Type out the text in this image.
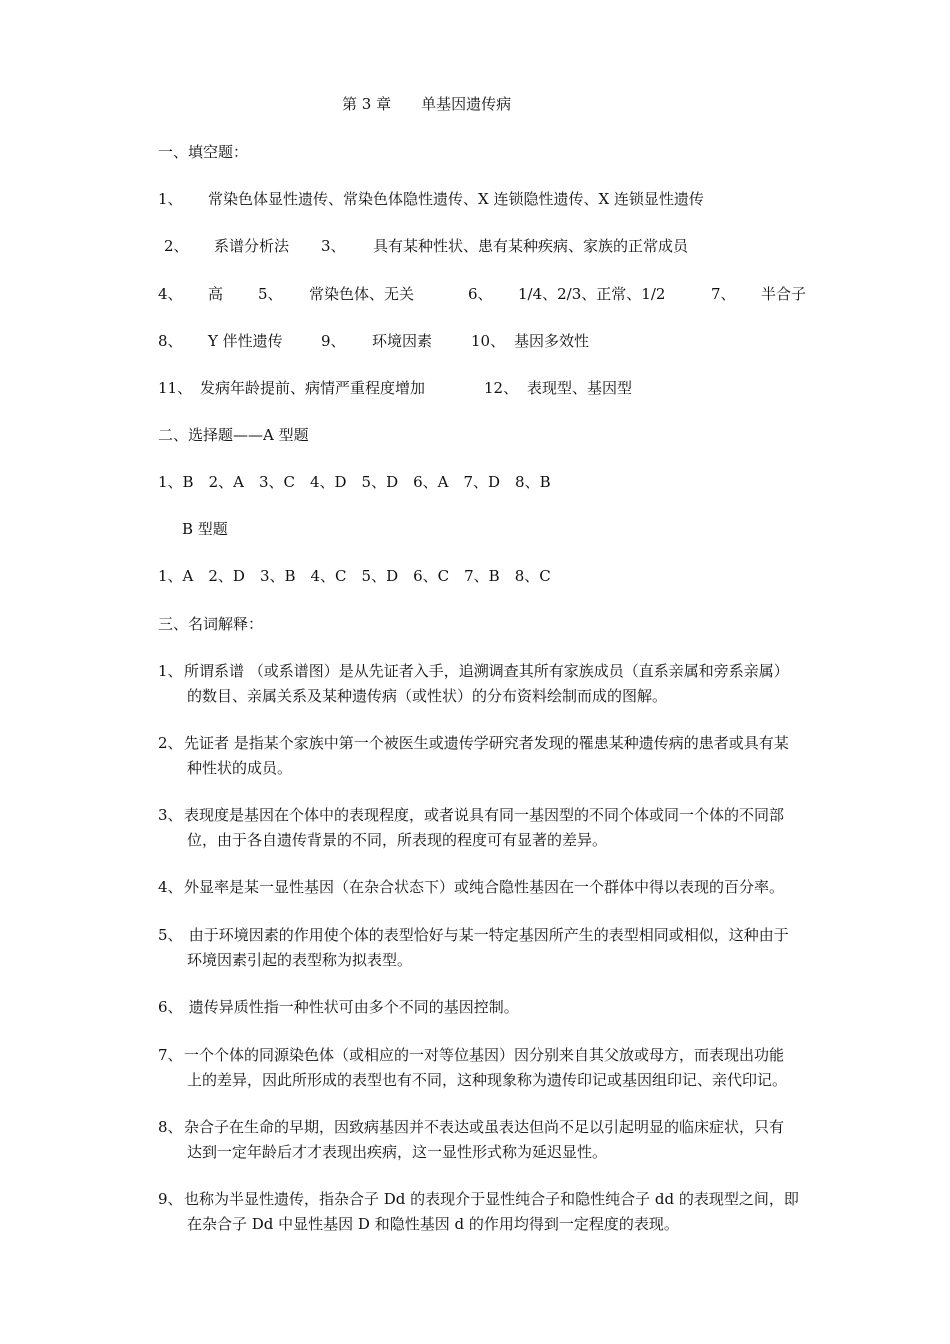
第 3 章 单基因遗传病
一、填空题：
1、 常染色体显性遗传、常染色体隐性遗传、X 连锁隐性遗传、X 连锁显性遗传
2、 系谱分析法 3、 具有某种性状、患有某种疾病、家族的正常成员
4、 高 5、 常染色体、无关	6、 1/4、2/3、正常、1/2	7、 半合子
8、 Y 伴性遗传	9、 环境因素	10、 基因多效性
11、 发病年龄提前、病情严重程度增加	12、 表现型、基因型
二、选择题——A 型题
1、B　2、A　3、C　4、D　5、D　6、A　7、D　8、B
B 型题
1、A　2、D　3、B　4、C　5、D　6、C　7、B　8、C
三、名词解释：
1、 所谓系谱 （或系谱图）是从先证者入手，追溯调查其所有家族成员（直系亲属和旁系亲属）
的数目、亲属关系及某种遗传病（或性状）的分布资料绘制而成的图解。
2、 先证者 是指某个家族中第一个被医生或遗传学研究者发现的罹患某种遗传病的患者或具有某
种性状的成员。
3、 表现度是基因在个体中的表现程度，或者说具有同一基因型的不同个体或同一个体的不同部
位，由于各自遗传背景的不同，所表现的程度可有显著的差异。
4、 外显率是某一显性基因（在杂合状态下）或纯合隐性基因在一个群体中得以表现的百分率。
5、 由于环境因素的作用使个体的表型恰好与某一特定基因所产生的表型相同或相似，这种由于
环境因素引起的表型称为拟表型。
6、 遗传异质性指一种性状可由多个不同的基因控制。
7、 一个个体的同源染色体（或相应的一对等位基因）因分别来自其父放或母方，而表现出功能
上的差异，因此所形成的表型也有不同，这种现象称为遗传印记或基因组印记、亲代印记。
8、 杂合子在生命的早期，因致病基因并不表达或虽表达但尚不足以引起明显的临床症状，只有
达到一定年龄后才才表现出疾病，这一显性形式称为延迟显性。
9、 也称为半显性遗传，指杂合子 Dd 的表现介于显性纯合子和隐性纯合子 dd 的表现型之间，即
在杂合子 Dd 中显性基因 D 和隐性基因 d 的作用均得到一定程度的表现。
